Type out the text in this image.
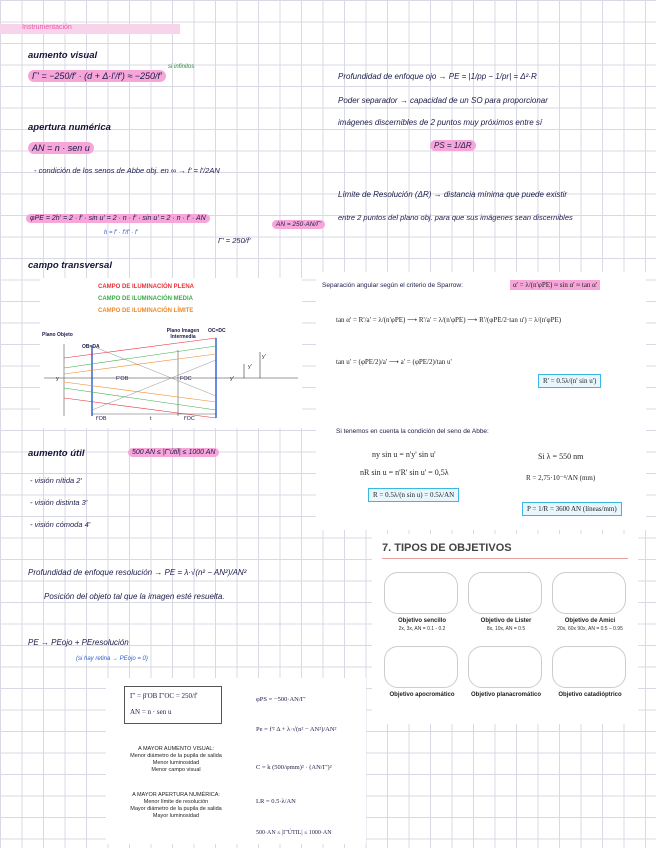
Instrumentación
aumento visual
Γ' = −250/f' · (d + Δ·l'/f') ≈ −250/f'
si infinitos
apertura numérica
AN = n · sen u
- condición de los senos de Abbe obj. en ∞ → f' = l'/2AN
φPE = 2h' = 2 · f' · sin u' = 2 · n · f' · sin u' = 2 · n · f' · AN
h = f' · f'/f' · f'
Γ' = 250/f'
AN = 250·AN/Γ'
Profundidad de enfoque ojo → PE = |1/pp − 1/pr| = Δ²·R
Poder separador → capacidad de un SO para proporcionar
imágenes discernibles de 2 puntos muy próximos entre sí
PS = 1/ΔR
Límite de Resolución (ΔR) → distancia mínima que puede existir
entre 2 puntos del plano obj. para que sus imágenes sean discernibles
campo transversal
CAMPO DE ILUMINACIÓN PLENA
CAMPO DE ILUMINACIÓN MEDIA
CAMPO DE ILUMINACIÓN LÍMITE
Plano Objeto
Plano Imagen Intermedia
OB=DA
OC=DC
F'OB	FOC	y'
y'
y'
y
f'OB	t	f'OC
Separación angular según el criterio de Sparrow:	α' = λ/(n'φPE) ≈ sin α' ≈ tan α'
tan α' = R'/a' = λ/(n'φPE) ⟶ R'/a' = λ/(n'φPE) ⟶ R'/(φPE/2·tan u') = λ/(n'φPE)
tan u' = (φPE/2)/a' ⟶ a' = (φPE/2)/tan u'
R' = 0.5λ/(n' sin u')
Si tenemos en cuenta la condición del seno de Abbe:
ny sin u = n'y' sin u'
nR sin u = n'R' sin u' = 0,5λ
R = 0.5λ/(n sin u) = 0.5λ/AN
Si λ = 550 nm
R = 2,75·10⁻⁴/AN (mm)
P = 1/R = 3600 AN (líneas/mm)
aumento útil	500 AN ≤ |Γ'útil| ≤ 1000 AN
- visión nítida 2'
- visión distinta 3'
- visión cómoda 4'
7. TIPOS DE OBJETIVOS
Objetivo sencillo
2x, 3x, AN = 0.1 - 0.2
Objetivo de Lister
8x, 10x, AN = 0.5
Objetivo de Amici
20x, 60x 90x, AN = 0.5 – 0.95
Objetivo apocromático	Objetivo planacromático	Objetivo catadióptrico
Profundidad de enfoque resolución → PE = λ·√(n² − AN²)/AN²
Posición del objeto tal que la imagen esté resuelta.
PE → PEojo + PEresolución
(si hay retina → PEojo = 0)
Γ' = β'OB Γ'OC = 250/f'
AN = n · sen u
A MAYOR AUMENTO VISUAL:
Menor diámetro de la pupila de salida
Menor luminosidad
Menor campo visual
A MAYOR APERTURA NUMÉRICA:
Menor límite de resolución
Mayor diámetro de la pupila de salida
Mayor luminosidad
φPS = −500·AN/Γ'
Pe = f'² Δ + λ·√(n² − AN²)/AN²
C = k (500/φmm)² · (AN/Γ')²
LR = 0.5·λ/AN
500·AN ≤ |Γ'ÚTIL| ≤ 1000·AN
